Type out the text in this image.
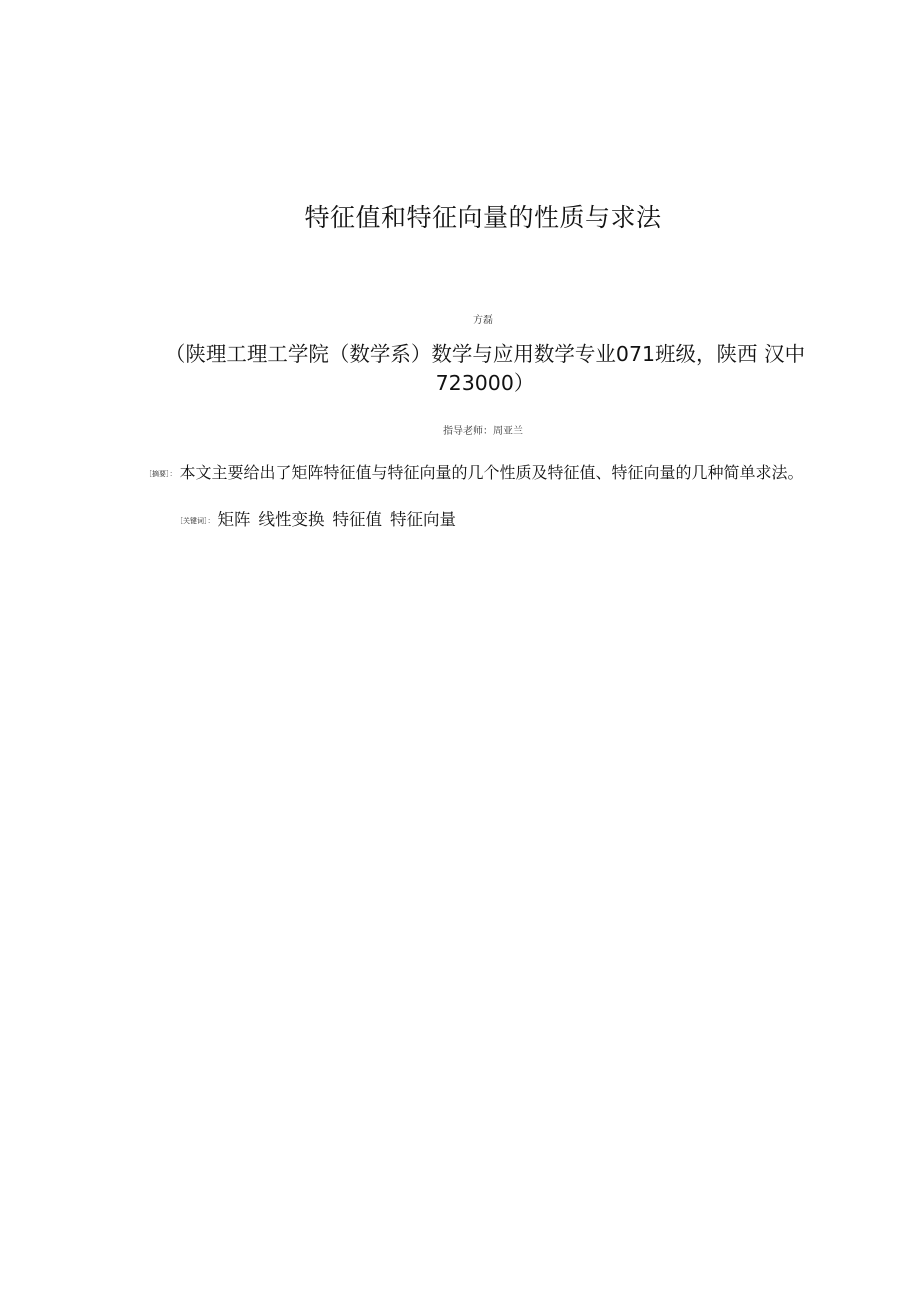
特征值和特征向量的性质与求法
方磊
（陕理工理工学院（数学系）数学与应用数学专业071班级，陕西 汉中 723000）
指导老师：周亚兰
［摘要］： 本文主要给出了矩阵特征值与特征向量的几个性质及特征值、特征向量的几种简单求法。
［关键词］： 矩阵 线性变换 特征值 特征向量
